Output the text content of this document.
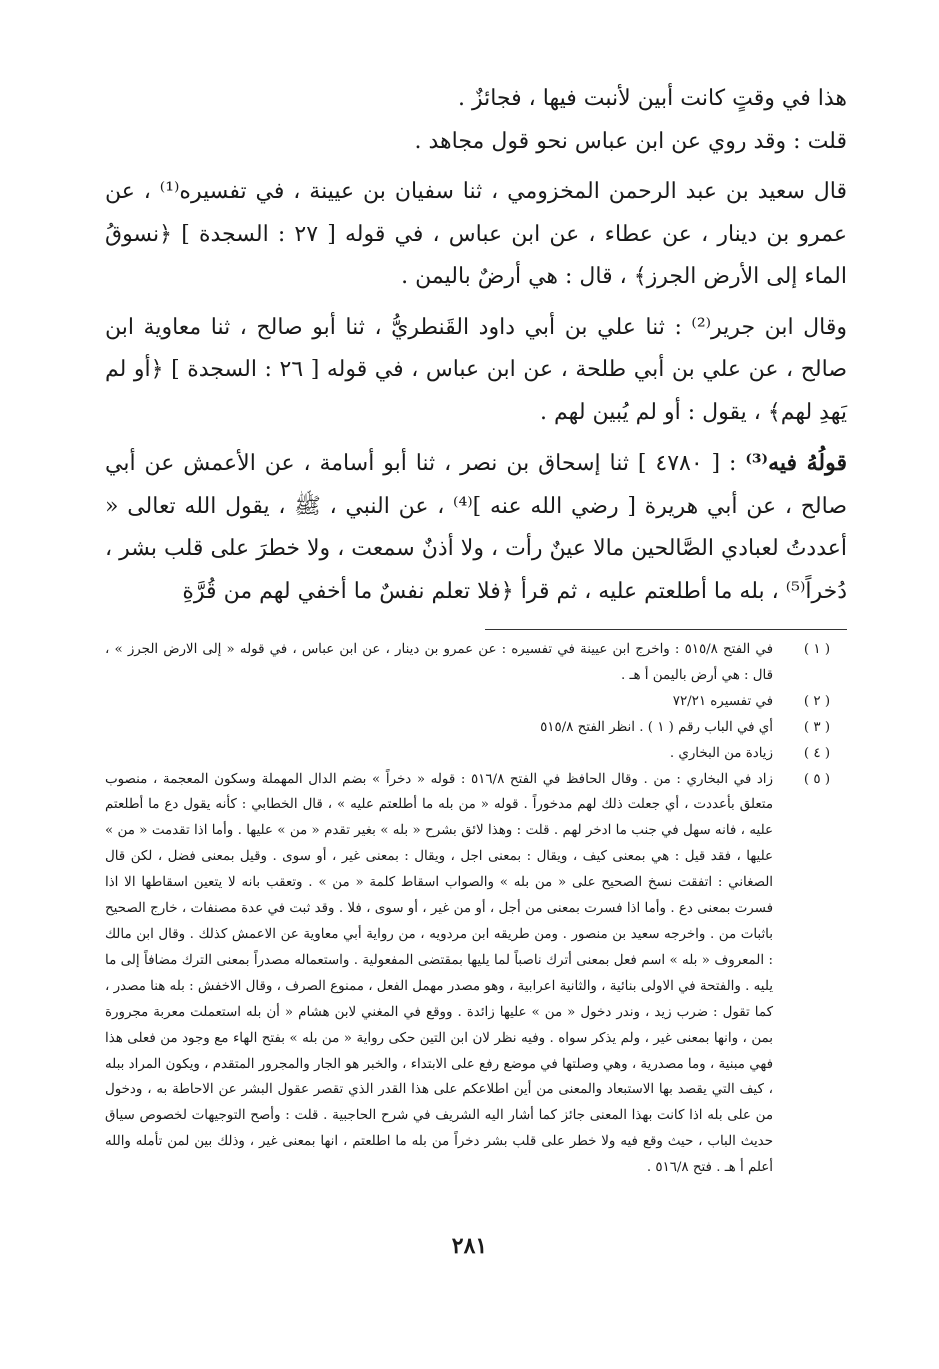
هذا في وقتٍ كانت أبين لأنبت فيها ، فجائزٌ .

قلت : وقد روي عن ابن عباس نحو قول مجاهد .

قال سعيد بن عبد الرحمن المخزومي ، ثنا سفيان بن عيينة ، في تفسيره⁽¹⁾ ، عن عمرو بن دينار ، عن عطاء ، عن ابن عباس ، في قوله [ ٢٧ : السجدة ] ﴿نسوقُ الماء إلى الأرض الجرز﴾ ، قال : هي أرضٌ باليمن .

وقال ابن جرير⁽²⁾ : ثنا علي بن أبي داود القَنطريُّ ، ثنا أبو صالح ، ثنا معاوية ابن صالح ، عن علي بن أبي طلحة ، عن ابن عباس ، في قوله [ ٢٦ : السجدة ] ﴿أو لم يَهدِ لهم﴾ ، يقول : أو لم يُبين لهم .

قولُهُ فيه⁽³⁾ : [ ٤٧٨٠ ] ثنا إسحاق بن نصر ، ثنا أبو أسامة ، عن الأعمش عن أبي صالح ، عن أبي هريرة [ رضي الله عنه ]⁽⁴⁾ ، عن النبي ، ﷺ ، يقول الله تعالى « أعددتُ لعبادي الصَّالحين مالا عينٌ رأت ، ولا أذنٌ سمعت ، ولا خطرَ على قلب بشر ، دُخراً⁽⁵⁾ ، بله ما أطلعتم عليه ، ثم قرأ ﴿فلا تعلم نفسٌ ما أخفي لهم من قُرَّةِ

( ١ )
في الفتح ٥١٥/٨ : واخرج ابن عيينة في تفسيره : عن عمرو بن دينار ، عن ابن عباس ، في قوله « إلى الارض الجرز » ، قال : هي أرض باليمن أ هـ .
( ٢ )
في تفسيره ٧٢/٢١
( ٣ )
أي في الباب رقم ( ١ ) . انظر الفتح ٥١٥/٨
( ٤ )
زيادة من البخاري .
( ٥ )
زاد في البخاري : من . وقال الحافظ في الفتح ٥١٦/٨ : قوله « دخراً » بضم الدال المهملة وسكون المعجمة ، منصوب متعلق بأعددت ، أي جعلت ذلك لهم مدخوراً . قوله « من بله ما أطلعتم عليه » ، قال الخطابي : كأنه يقول دع ما أطلعتم عليه ، فانه سهل في جنب ما ادخر لهم . قلت : وهذا لائق بشرح « بله » بغير تقدم « من » عليها . وأما اذا تقدمت « من » عليها ، فقد قيل : هي بمعنى كيف ، ويقال : بمعنى اجل ، ويقال : بمعنى غير ، أو سوى . وقيل بمعنى فضل ، لكن قال الصغاني : اتفقت نسخ الصحيح على « من بله » والصواب اسقاط كلمة « من » . وتعقب بانه لا يتعين اسقاطها الا اذا فسرت بمعنى دع . وأما اذا فسرت بمعنى من أجل ، أو من غير ، أو سوى ، فلا . وقد ثبت في عدة مصنفات ، خارج الصحيح باثبات من . واخرجه سعيد بن منصور . ومن طريقه ابن مردويه ، من رواية أبي معاوية عن الاعمش كذلك . وقال ابن مالك : المعروف « بله » اسم فعل بمعنى أترك ناصباً لما يليها بمقتضى المفعولية . واستعماله مصدراً بمعنى الترك مضافاً إلى ما يليه . والفتحة في الاولى بنائية ، والثانية اعرابية ، وهو مصدر مهمل الفعل ، ممنوع الصرف ، وقال الاخفش : بله هنا مصدر ، كما تقول : ضرب زيد ، وندر دخول « من » عليها زائدة . ووقع في المغني لابن هشام « أن بله استعملت معربة مجرورة بمن ، وانها بمعنى غير ، ولم يذكر سواه . وفيه نظر لان ابن التين حكى رواية « من بله » بفتح الهاء مع وجود من فعلى هذا فهي مبنية ، وما مصدرية ، وهي وصلتها في موضع رفع على الابتداء ، والخبر هو الجار والمجرور المتقدم ، ويكون المراد ببله ، كيف التي يقصد بها الاستبعاد والمعنى من أين اطلاعكم على هذا القدر الذي تقصر عقول البشر عن الاحاطة به ، ودخول من على بله اذا كانت بهذا المعنى جائز كما أشار اليه الشريف في شرح الحاجبية . قلت : وأصح التوجيهات لخصوص سياق حديث الباب ، حيث وقع فيه ولا خطر على قلب بشر دخراً من بله ما اطلعتم ، انها بمعنى غير ، وذلك بين لمن تأمله والله أعلم أ هـ . فتح ٥١٦/٨ .
٢٨١
